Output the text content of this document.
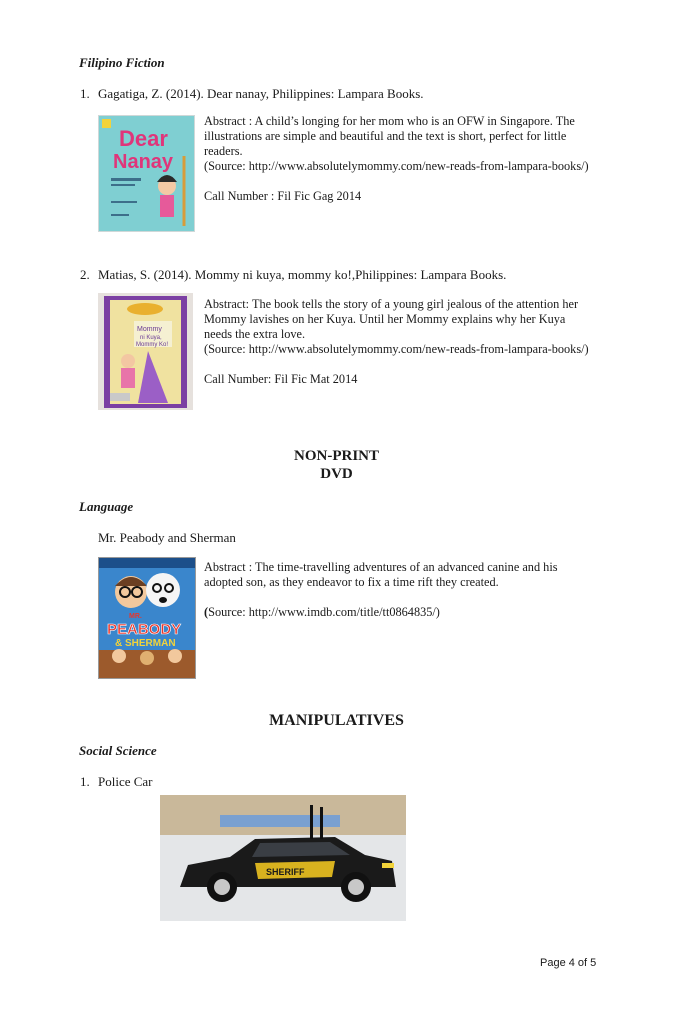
Filipino Fiction
1. Gagatiga, Z. (2014). Dear nanay, Philippines: Lampara Books.
Dear
Nanay

Abstract : A child’s longing for her mom who is an OFW in Singapore. The illustrations are simple and beautiful and the text is short, perfect for little readers.

(Source: http://www.absolutelymommy.com/new-reads-from-lampara-books/)

Call Number : Fil Fic Gag 2014

2. Matias, S. (2014). Mommy ni kuya, mommy ko!,Philippines: Lampara Books.
Mommy
ni Kuya,
Mommy Ko!

Abstract: The book tells the story of a young girl jealous of the attention her Mommy lavishes on her Kuya. Until her Mommy explains why her Kuya needs the extra love.

(Source: http://www.absolutelymommy.com/new-reads-from-lampara-books/)

Call Number: Fil Fic Mat 2014

NON-PRINT
DVD
Language
Mr. Peabody and Sherman
MR.
PEABODY
& SHERMAN

Abstract : The time-travelling adventures of an advanced canine and his adopted son, as they endeavor to fix a time rift they created.

(Source: http://www.imdb.com/title/tt0864835/)

MANIPULATIVES
Social Science
1. Police Car
SHERIFF
Page 4 of 5
